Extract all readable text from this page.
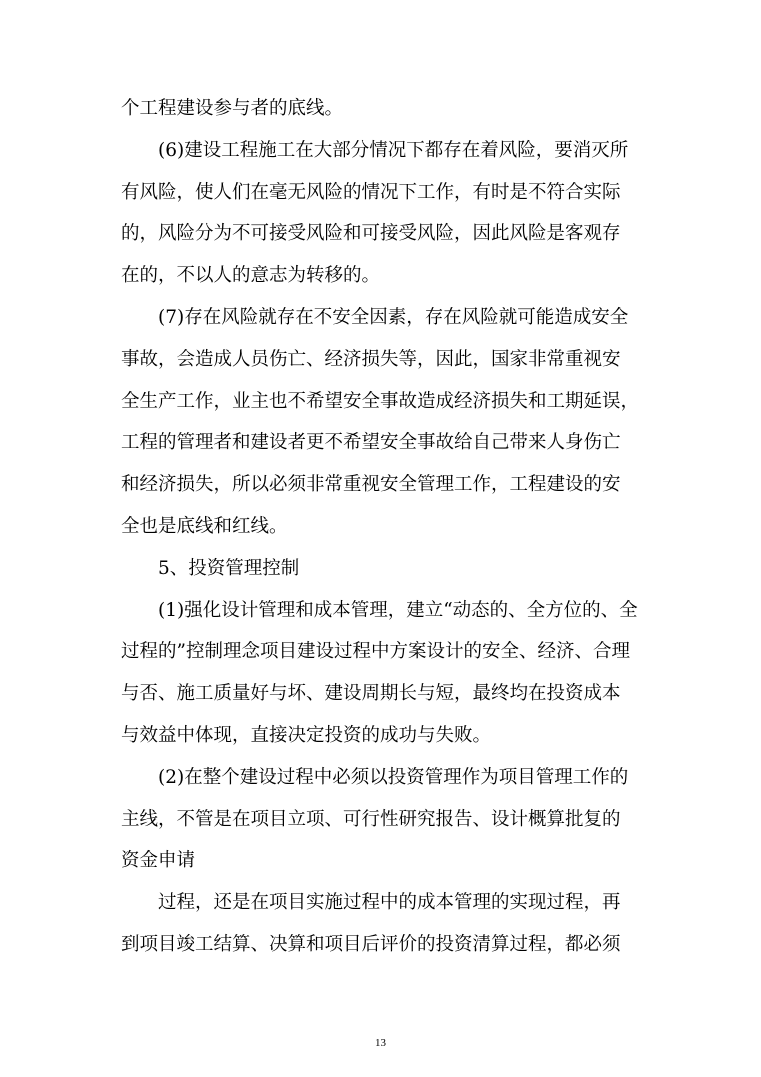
个工程建设参与者的底线。
(6)建设工程施工在大部分情况下都存在着风险，要消灭所
有风险，使人们在毫无风险的情况下工作，有时是不符合实际
的，风险分为不可接受风险和可接受风险，因此风险是客观存
在的，不以人的意志为转移的。
(7)存在风险就存在不安全因素，存在风险就可能造成安全
事故，会造成人员伤亡、经济损失等，因此，国家非常重视安
全生产工作，业主也不希望安全事故造成经济损失和工期延误，
工程的管理者和建设者更不希望安全事故给自己带来人身伤亡
和经济损失，所以必须非常重视安全管理工作，工程建设的安
全也是底线和红线。
5、投资管理控制
(1)强化设计管理和成本管理，建立“动态的、全方位的、全
过程的”控制理念项目建设过程中方案设计的安全、经济、合理
与否、施工质量好与坏、建设周期长与短，最终均在投资成本
与效益中体现，直接决定投资的成功与失败。
(2)在整个建设过程中必须以投资管理作为项目管理工作的
主线，不管是在项目立项、可行性研究报告、设计概算批复的
资金申请
过程，还是在项目实施过程中的成本管理的实现过程，再
到项目竣工结算、决算和项目后评价的投资清算过程，都必须
13
